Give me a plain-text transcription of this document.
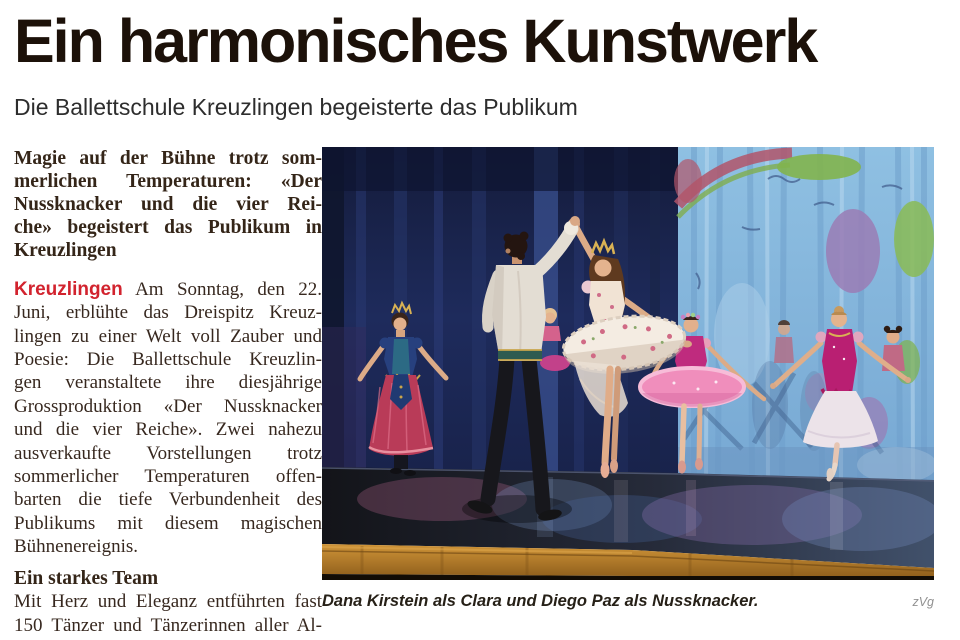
Ein harmonisches Kunstwerk
Die Ballettschule Kreuzlingen begeisterte das Publikum
Magie auf der Bühne trotz som-
merlichen Temperaturen: «Der
Nussknacker und die vier Rei-
che» begeistert das Publikum in
Kreuzlingen
Kreuzlingen Am Sonntag, den 22.
Juni, erblühte das Dreispitz Kreuz-
lingen zu einer Welt voll Zauber und
Poesie: Die Ballettschule Kreuzlin-
gen veranstaltete ihre diesjährige
Grossproduktion «Der Nussknacker
und die vier Reiche». Zwei nahezu
ausverkaufte Vorstellungen trotz
sommerlicher Temperaturen offen-
barten die tiefe Verbundenheit des
Publikums mit diesem magischen
Bühnenereignis.
Ein starkes Team
Mit Herz und Eleganz entführten fast
150 Tänzer und Tänzerinnen aller Al-
Dana Kirstein als Clara und Diego Paz als Nussknacker.	zVg
